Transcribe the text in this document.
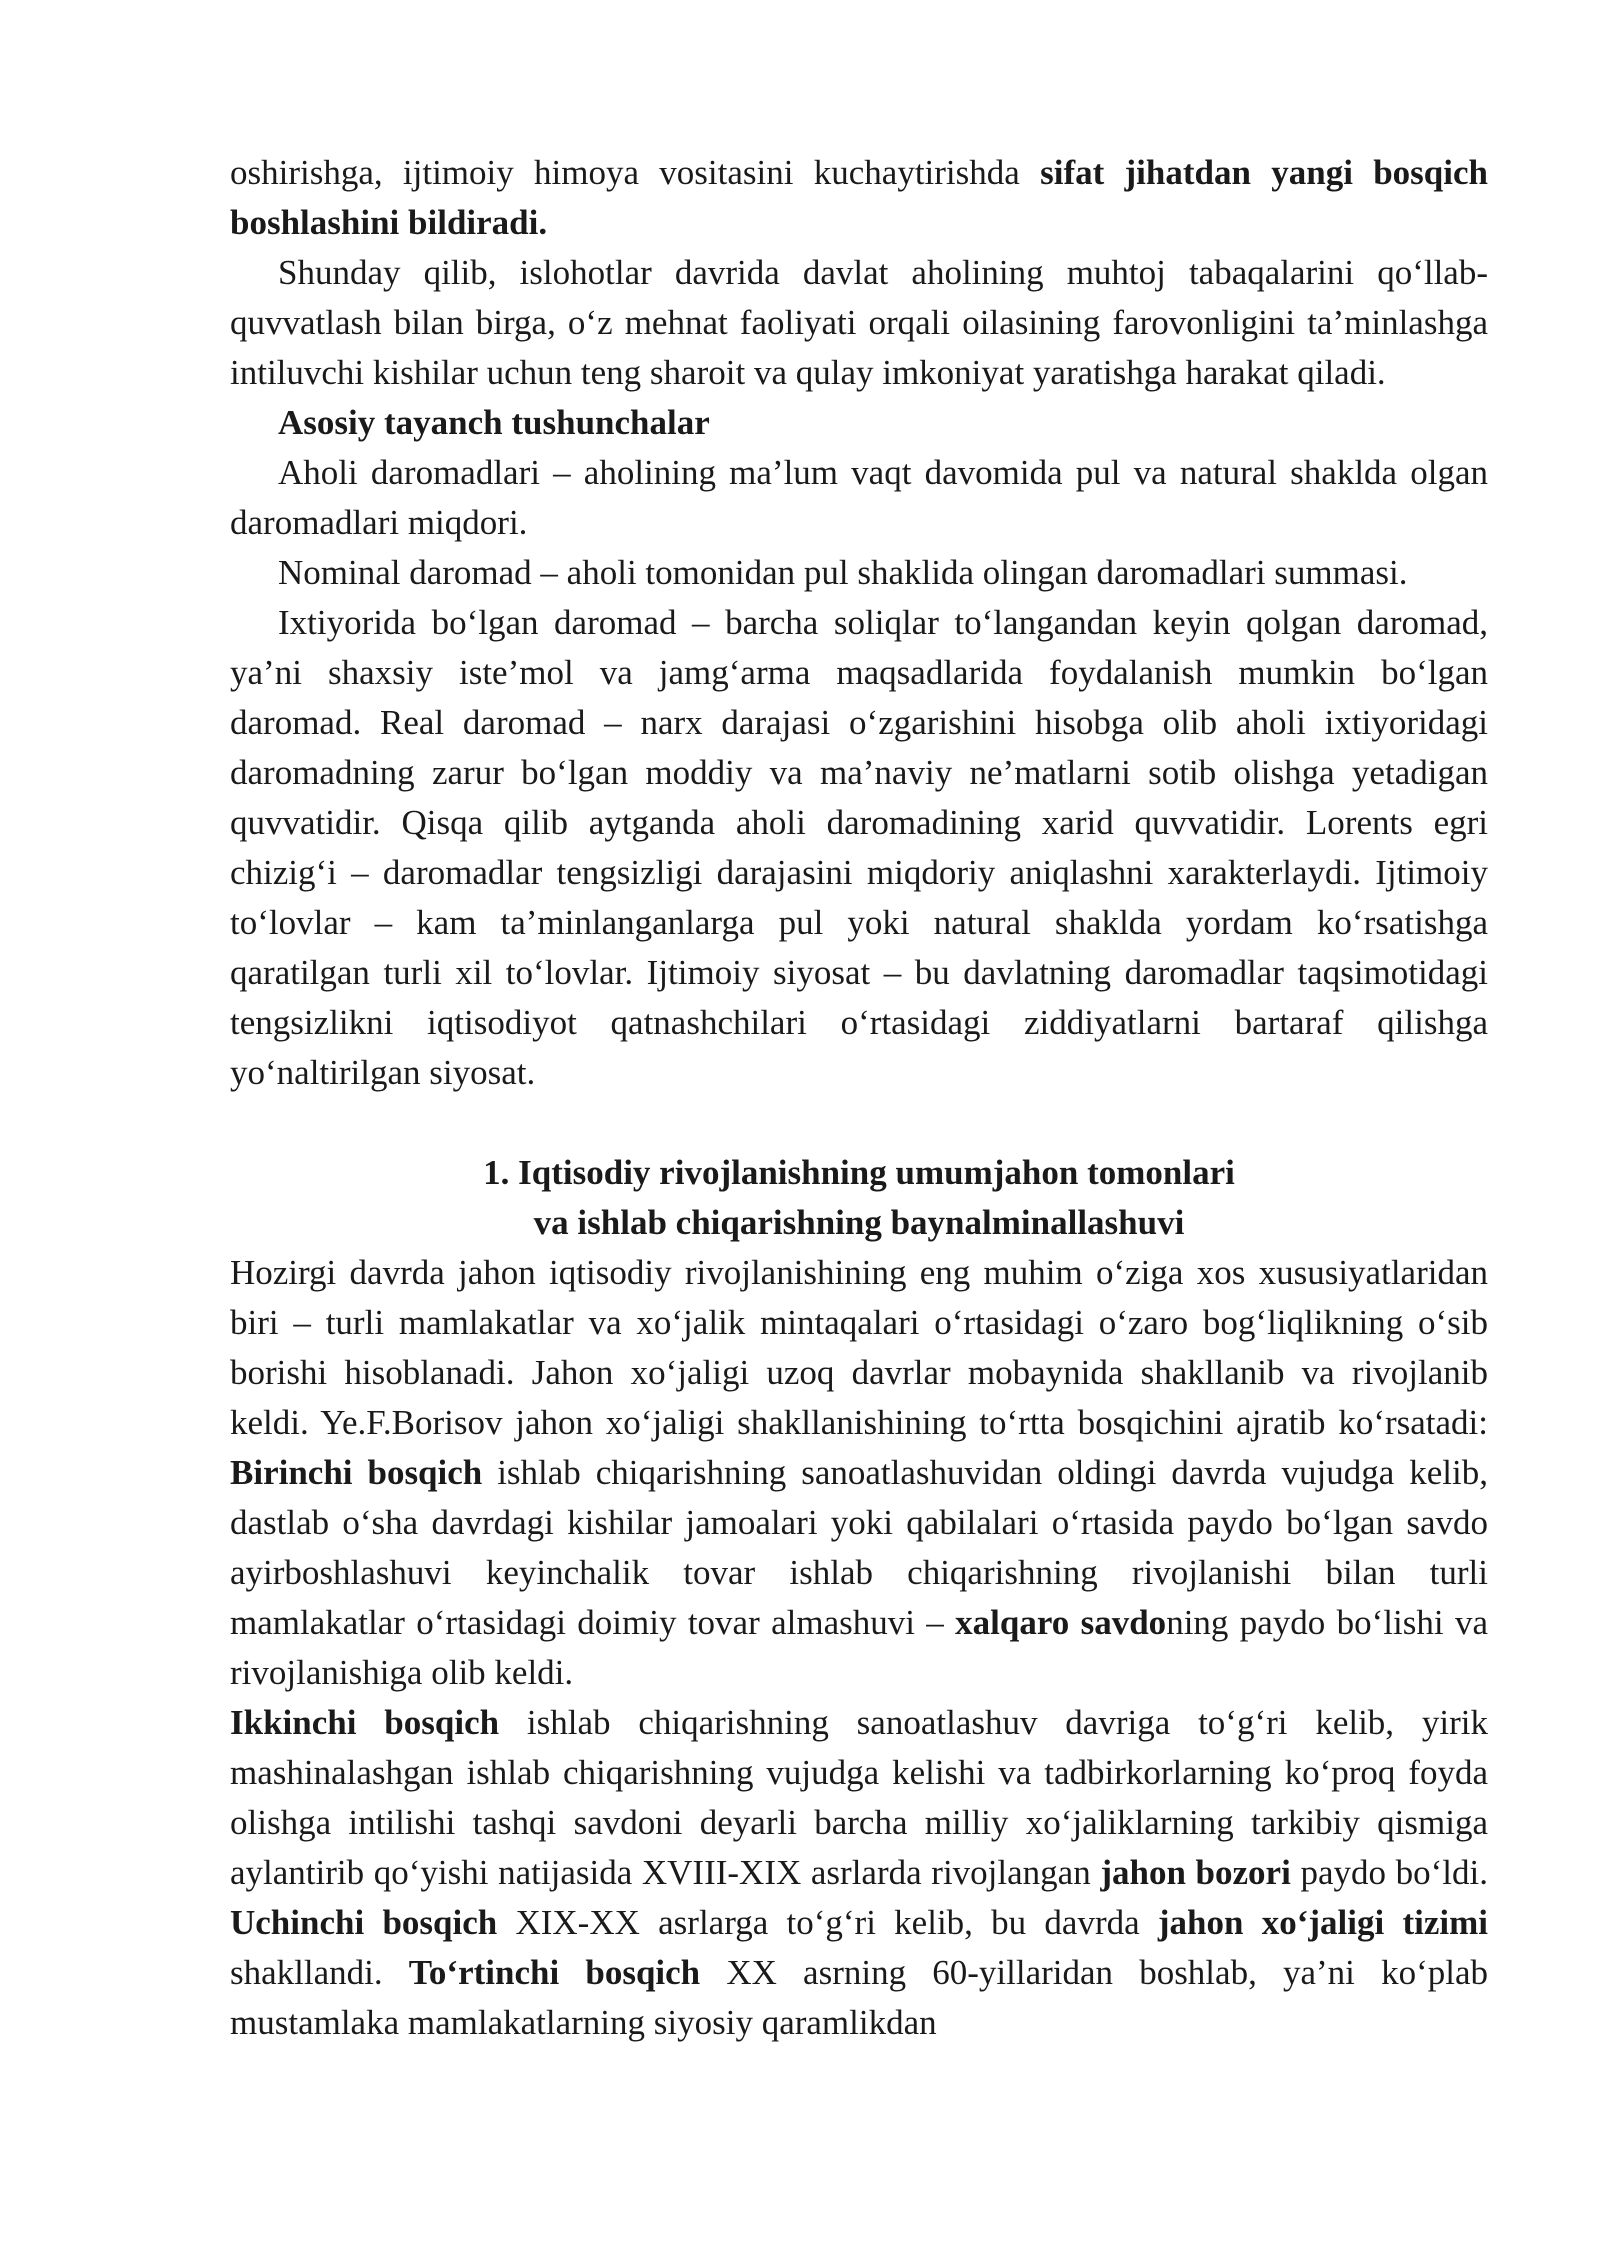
oshirishga, ijtimoiy himoya vositasini kuchaytirishda sifat jihatdan yangi bosqich boshlashini bildiradi.

Shunday qilib, islohotlar davrida davlat aholining muhtoj tabaqalarini qo‘llab-quvvatlash bilan birga, o‘z mehnat faoliyati orqali oilasining farovonligini ta’minlashga intiluvchi kishilar uchun teng sharoit va qulay imkoniyat yaratishga harakat qiladi.

Asosiy tayanch tushunchalar

Aholi daromadlari – aholining ma’lum vaqt davomida pul va natural shaklda olgan daromadlari miqdori.

Nominal daromad – aholi tomonidan pul shaklida olingan daromadlari summasi.

Ixtiyorida bo‘lgan daromad – barcha soliqlar to‘langandan keyin qolgan daromad, ya’ni shaxsiy iste’mol va jamg‘arma maqsadlarida foydalanish mumkin bo‘lgan daromad. Real daromad – narx darajasi o‘zgarishini hisobga olib aholi ixtiyoridagi daromadning zarur bo‘lgan moddiy va ma’naviy ne’matlarni sotib olishga yetadigan quvvatidir. Qisqa qilib aytganda aholi daromadining xarid quvvatidir. Lorents egri chizig‘i – daromadlar tengsizligi darajasini miqdoriy aniqlashni xarakterlaydi. Ijtimoiy to‘lovlar – kam ta’minlanganlarga pul yoki natural shaklda yordam ko‘rsatishga qaratilgan turli xil to‘lovlar. Ijtimoiy siyosat – bu davlatning daromadlar taqsimotidagi tengsizlikni iqtisodiyot qatnashchilari o‘rtasidagi ziddiyatlarni bartaraf qilishga yo‘naltirilgan siyosat.

1. Iqtisodiy rivojlanishning umumjahon tomonlari
va ishlab chiqarishning baynalminallashuvi

Hozirgi davrda jahon iqtisodiy rivojlanishining eng muhim o‘ziga xos xususiyatlaridan biri – turli mamlakatlar va xo‘jalik mintaqalari o‘rtasidagi o‘zaro bog‘liqlikning o‘sib borishi hisoblanadi. Jahon xo‘jaligi uzoq davrlar mobaynida shakllanib va rivojlanib keldi. Ye.F.Borisov jahon xo‘jaligi shakllanishining to‘rtta bosqichini ajratib ko‘rsatadi: Birinchi bosqich ishlab chiqarishning sanoatlashuvidan oldingi davrda vujudga kelib, dastlab o‘sha davrdagi kishilar jamoalari yoki qabilalari o‘rtasida paydo bo‘lgan savdo ayirboshlashuvi keyinchalik tovar ishlab chiqarishning rivojlanishi bilan turli mamlakatlar o‘rtasidagi doimiy tovar almashuvi – xalqaro savdoning paydo bo‘lishi va rivojlanishiga olib keldi.

Ikkinchi bosqich ishlab chiqarishning sanoatlashuv davriga to‘g‘ri kelib, yirik mashinalashgan ishlab chiqarishning vujudga kelishi va tadbirkorlarning ko‘proq foyda olishga intilishi tashqi savdoni deyarli barcha milliy xo‘jaliklarning tarkibiy qismiga aylantirib qo‘yishi natijasida XVIII-XIX asrlarda rivojlangan jahon bozori paydo bo‘ldi. Uchinchi bosqich XIX-XX asrlarga to‘g‘ri kelib, bu davrda jahon xo‘jaligi tizimi shakllandi. To‘rtinchi bosqich XX asrning 60-yillaridan boshlab, ya’ni ko‘plab mustamlaka mamlakatlarning siyosiy qaramlikdan
